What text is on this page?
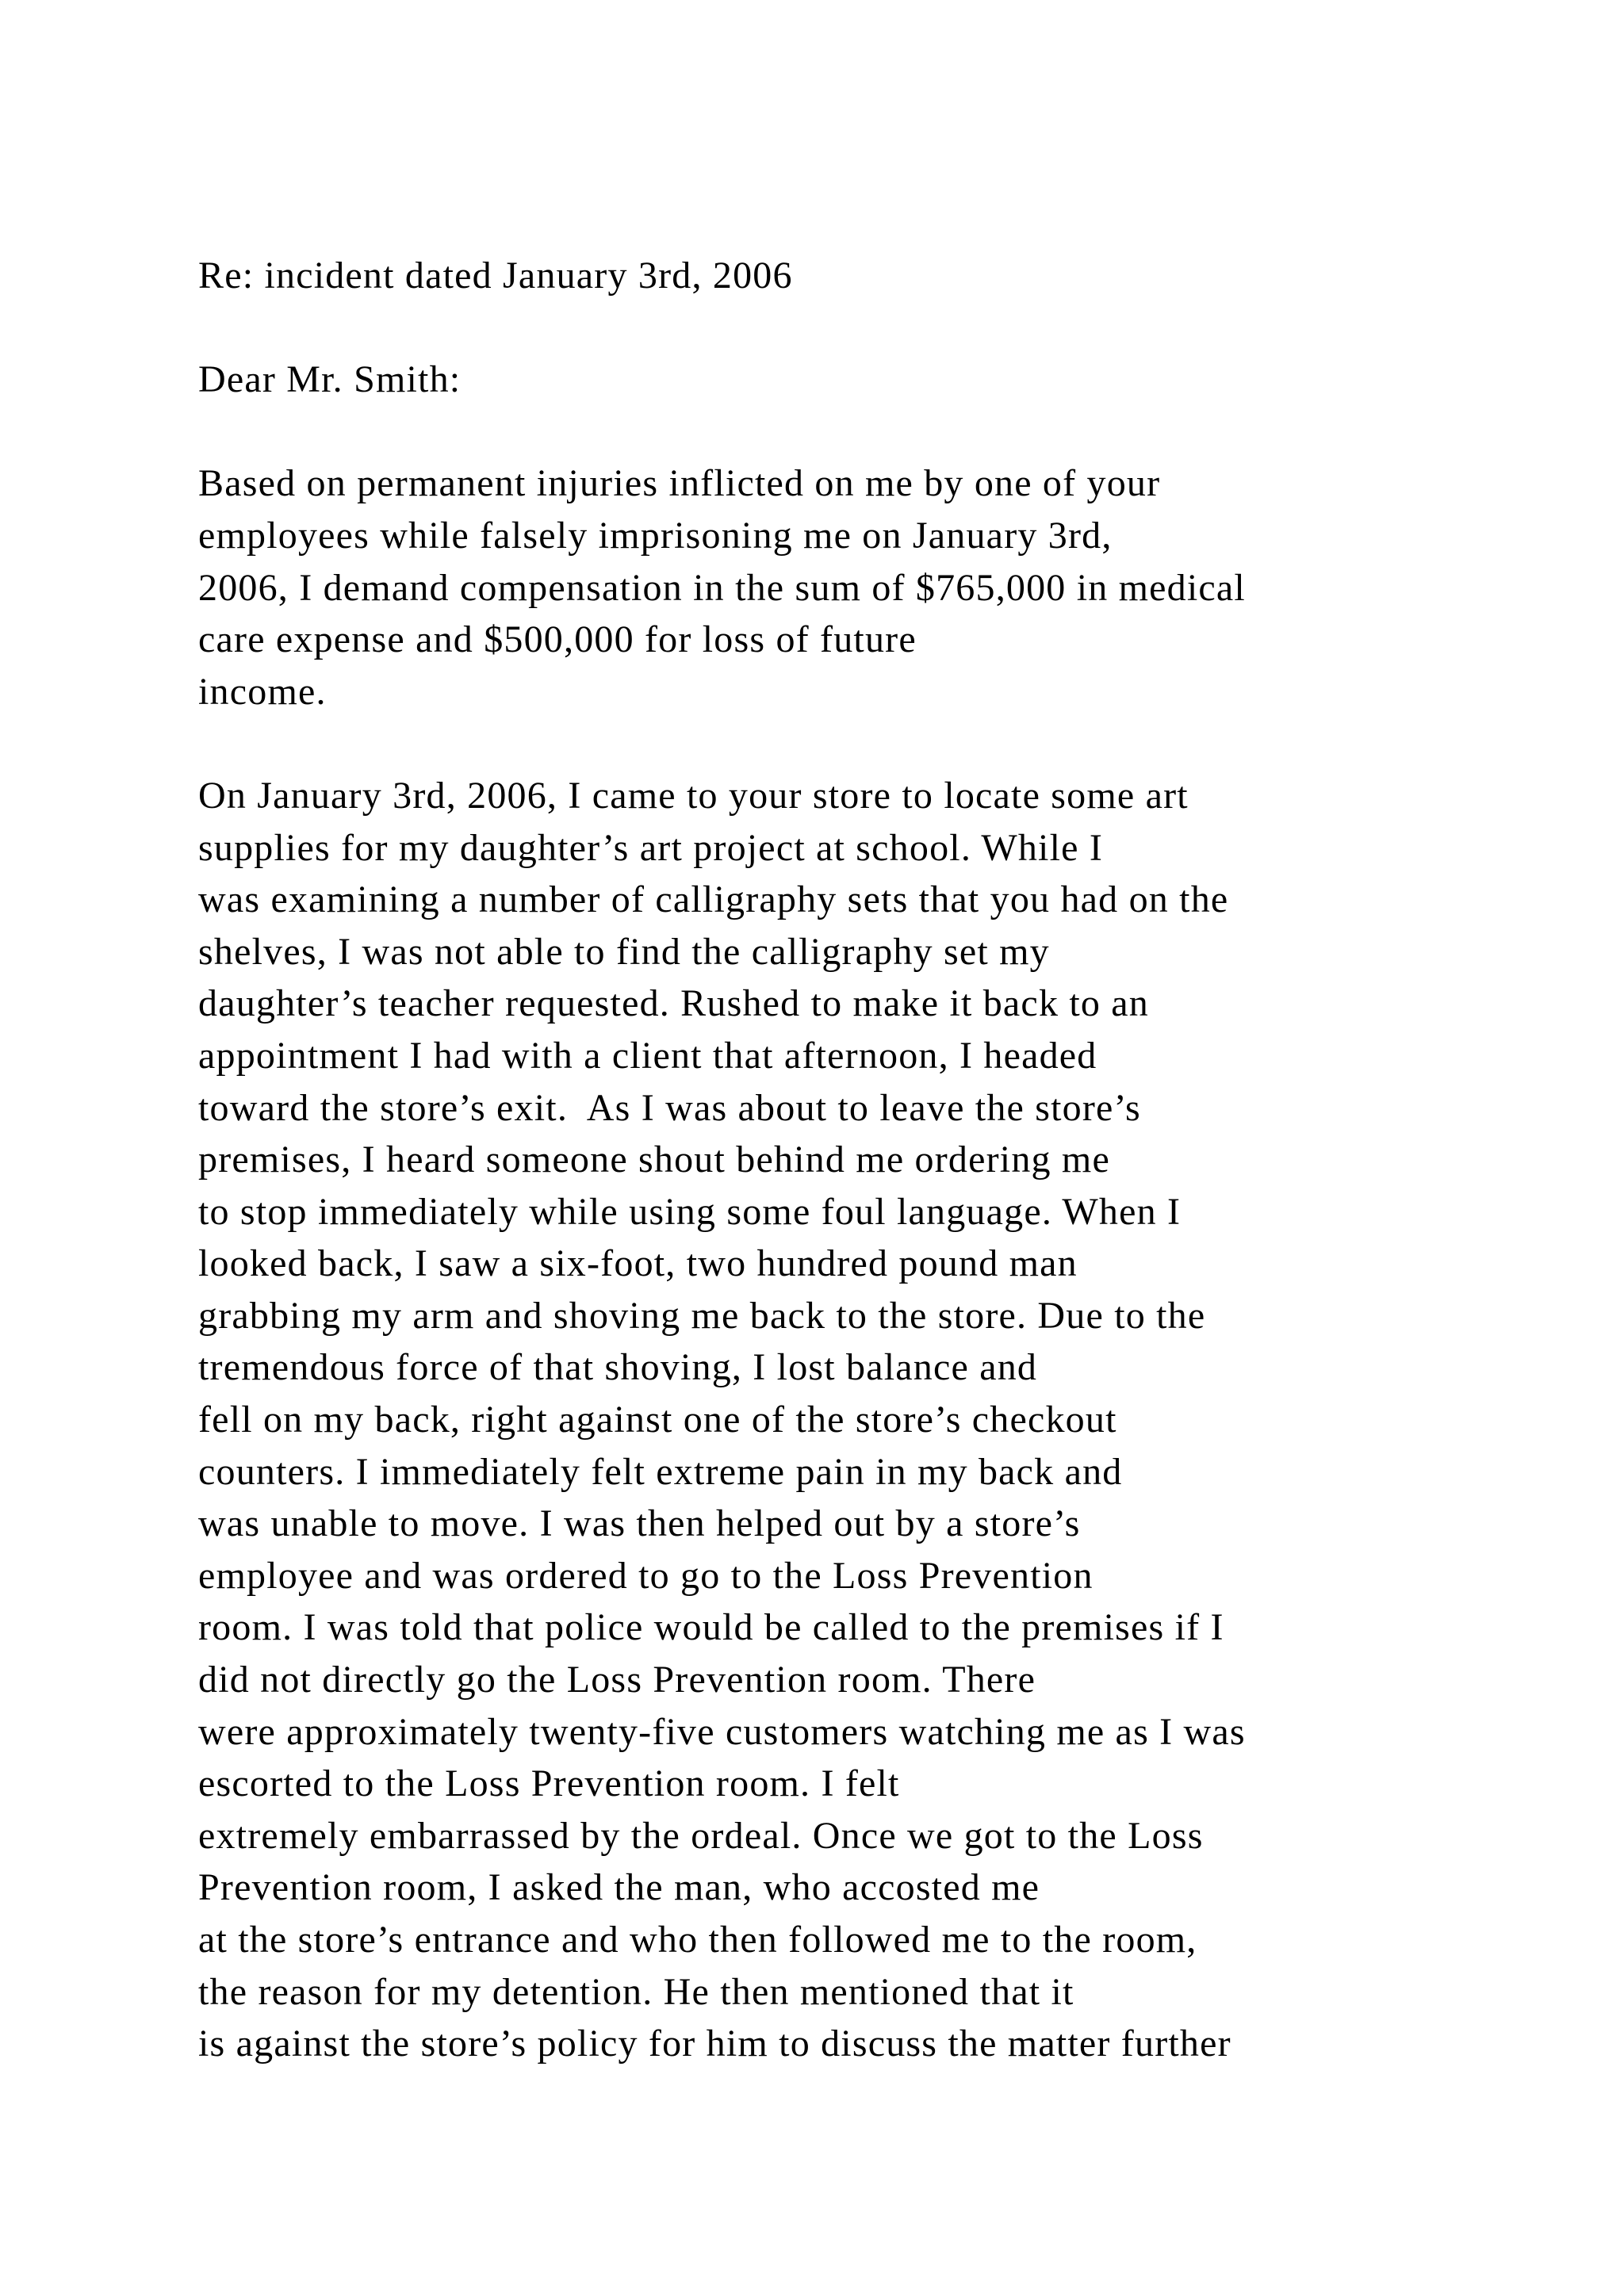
Re: incident dated January 3rd, 2006
Dear Mr. Smith:
Based on permanent injuries inflicted on me by one of your
employees while falsely imprisoning me on January 3rd,
2006, I demand compensation in the sum of $765,000 in medical
care expense and $500,000 for loss of future
income.
On January 3rd, 2006, I came to your store to locate some art
supplies for my daughter’s art project at school. While I
was examining a number of calligraphy sets that you had on the
shelves, I was not able to find the calligraphy set my
daughter’s teacher requested. Rushed to make it back to an
appointment I had with a client that afternoon, I headed
toward the store’s exit.  As I was about to leave the store’s
premises, I heard someone shout behind me ordering me
to stop immediately while using some foul language. When I
looked back, I saw a six-foot, two hundred pound man
grabbing my arm and shoving me back to the store. Due to the
tremendous force of that shoving, I lost balance and
fell on my back, right against one of the store’s checkout
counters. I immediately felt extreme pain in my back and
was unable to move. I was then helped out by a store’s
employee and was ordered to go to the Loss Prevention
room. I was told that police would be called to the premises if I
did not directly go the Loss Prevention room. There
were approximately twenty-five customers watching me as I was
escorted to the Loss Prevention room. I felt
extremely embarrassed by the ordeal. Once we got to the Loss
Prevention room, I asked the man, who accosted me
at the store’s entrance and who then followed me to the room,
the reason for my detention. He then mentioned that it
is against the store’s policy for him to discuss the matter further
